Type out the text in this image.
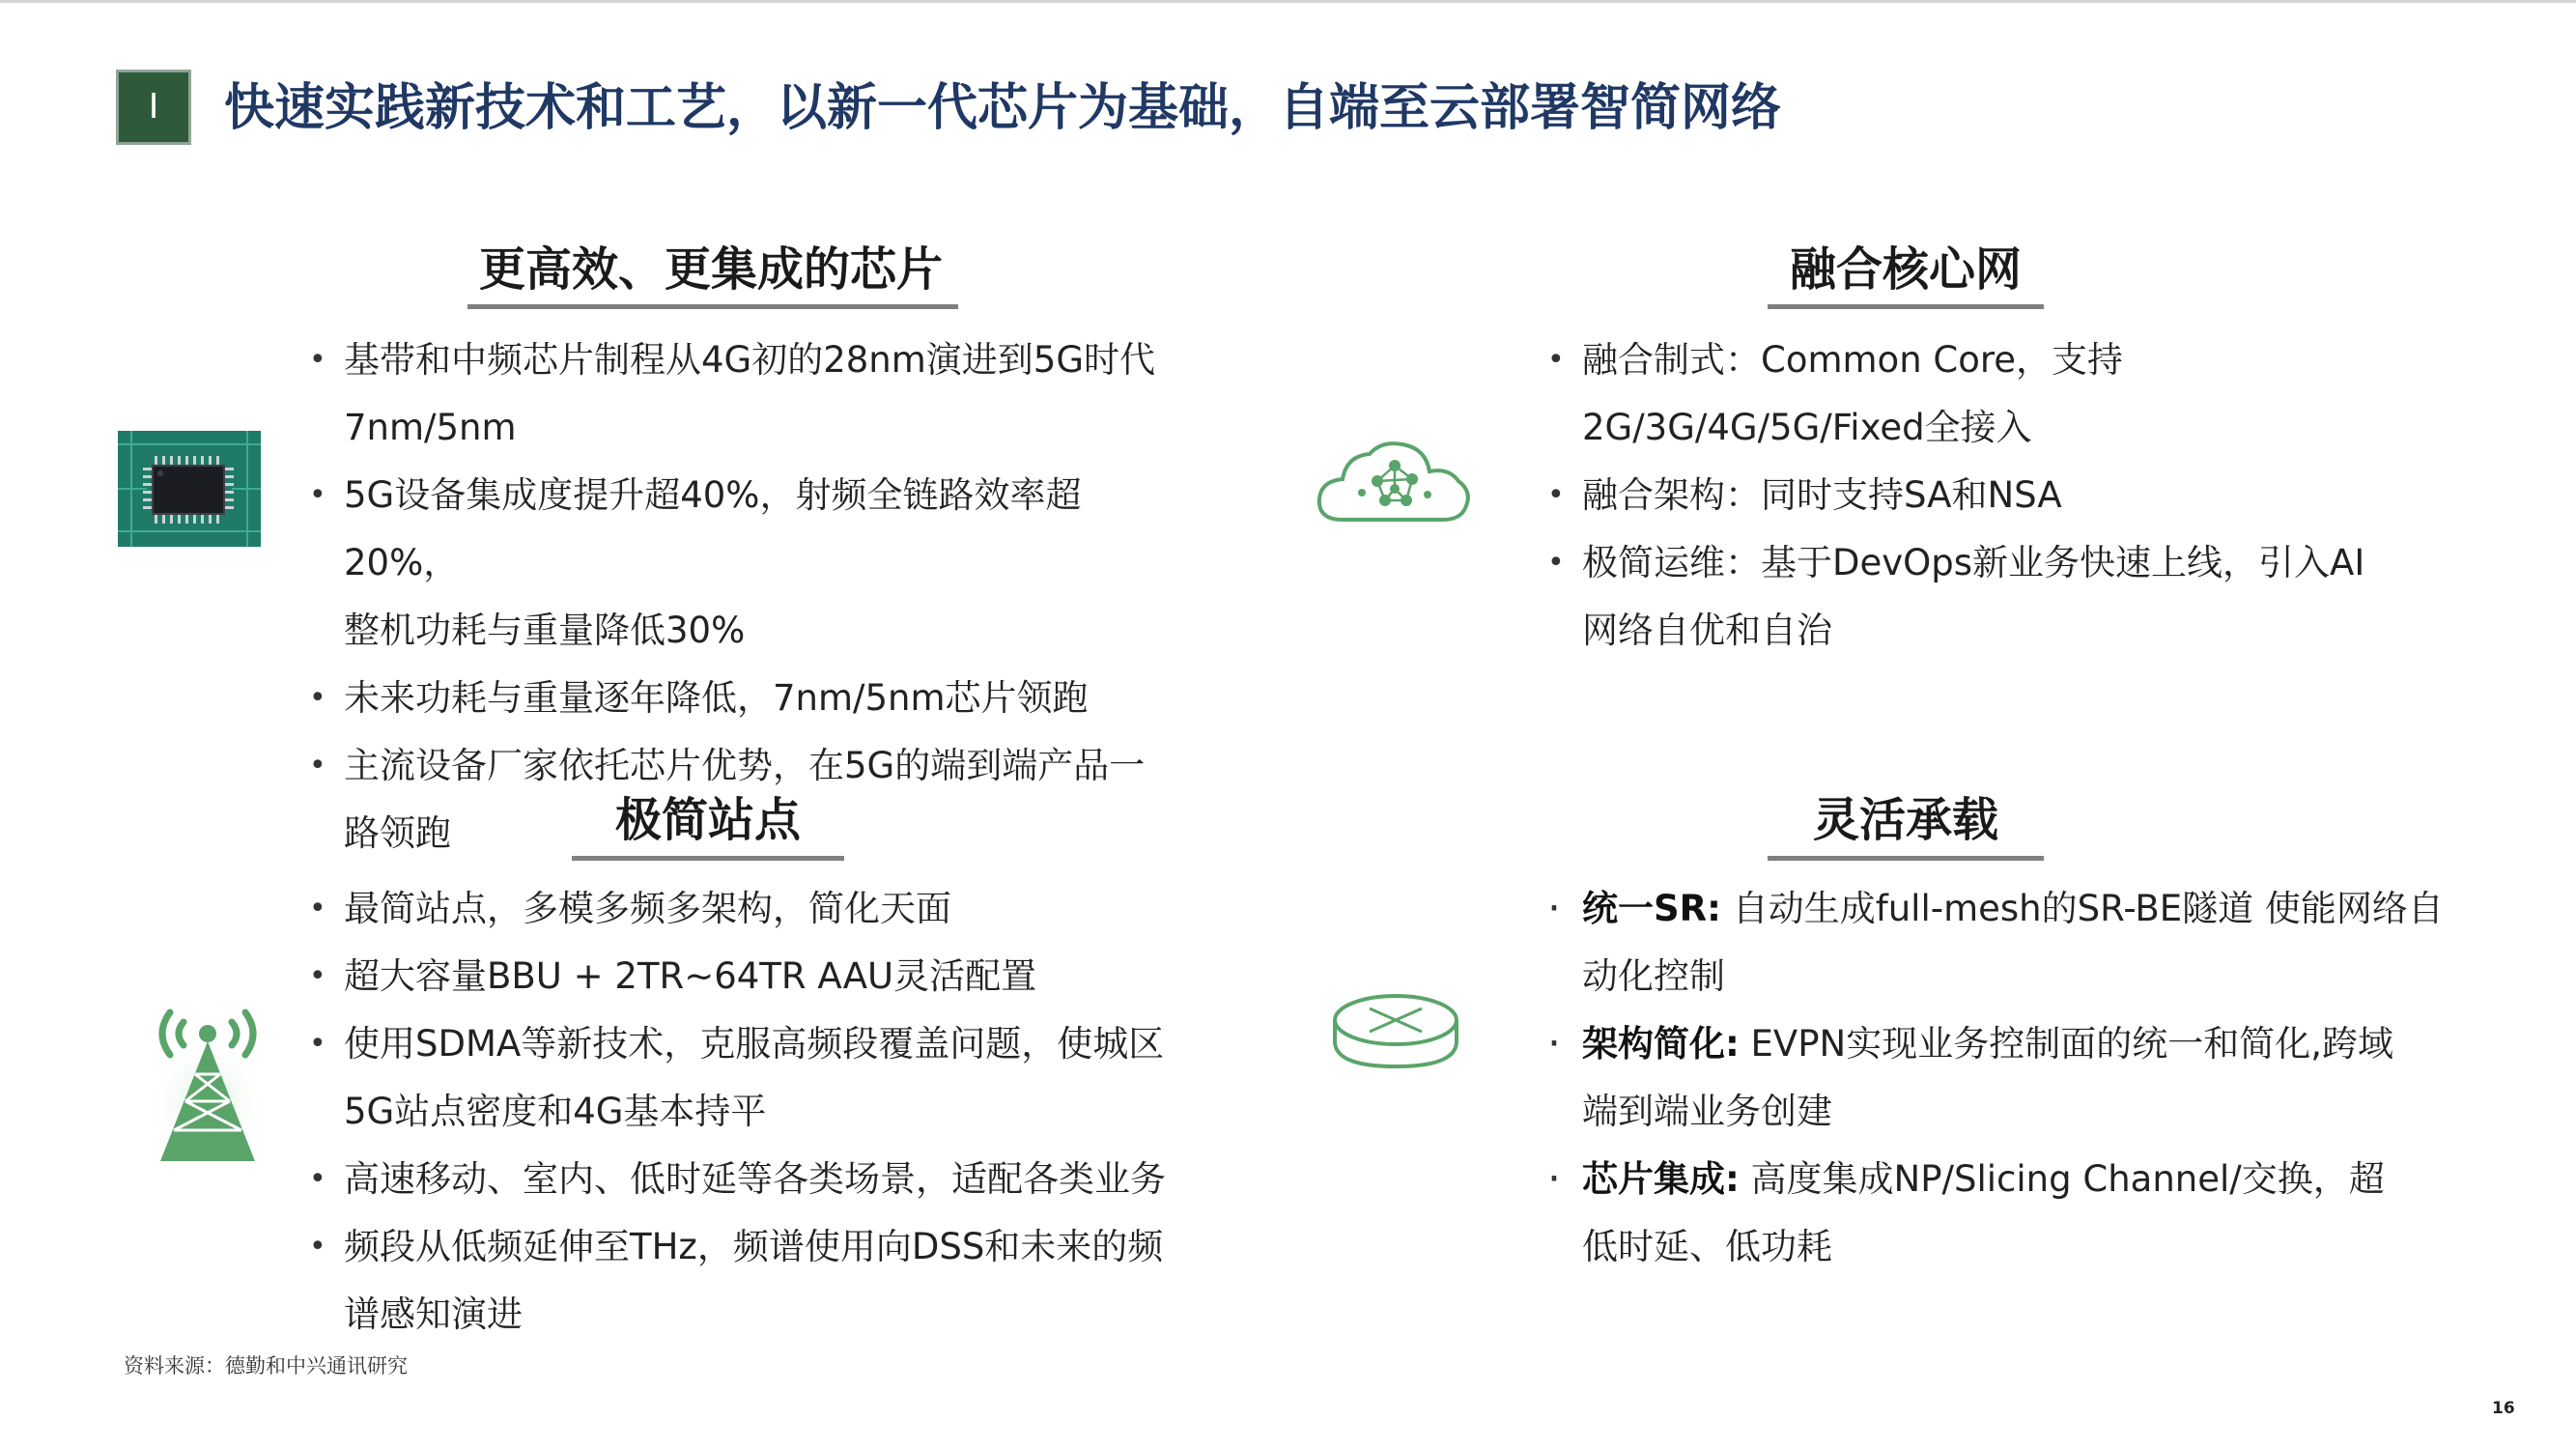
I	快速实践新技术和工艺，以新一代芯片为基础，自端至云部署智简网络
更高效、更集成的芯片
• 基带和中频芯片制程从4G初的28nm演进到5G时代
7nm/5nm
• 5G设备集成度提升超40%，射频全链路效率超
20%，
整机功耗与重量降低30%
• 未来功耗与重量逐年降低，7nm/5nm芯片领跑
• 主流设备厂家依托芯片优势，在5G的端到端产品一
路领跑
融合核心网
• 融合制式：Common Core，支持
2G/3G/4G/5G/Fixed全接入
• 融合架构：同时支持SA和NSA
• 极简运维：基于DevOps新业务快速上线，引入AI
网络自优和自治
极简站点
• 最简站点，多模多频多架构，简化天面
• 超大容量BBU + 2TR~64TR AAU灵活配置
• 使用SDMA等新技术，克服高频段覆盖问题，使城区
5G站点密度和4G基本持平
• 高速移动、室内、低时延等各类场景，适配各类业务
• 频段从低频延伸至THz，频谱使用向DSS和未来的频
谱感知演进
灵活承载
· 统一SR: 自动生成full-mesh的SR-BE隧道 使能网络自
动化控制
· 架构简化: EVPN实现业务控制面的统一和简化,跨域
端到端业务创建
· 芯片集成: 高度集成NP/Slicing Channel/交换，超
低时延、低功耗
资料来源：德勤和中兴通讯研究
16
